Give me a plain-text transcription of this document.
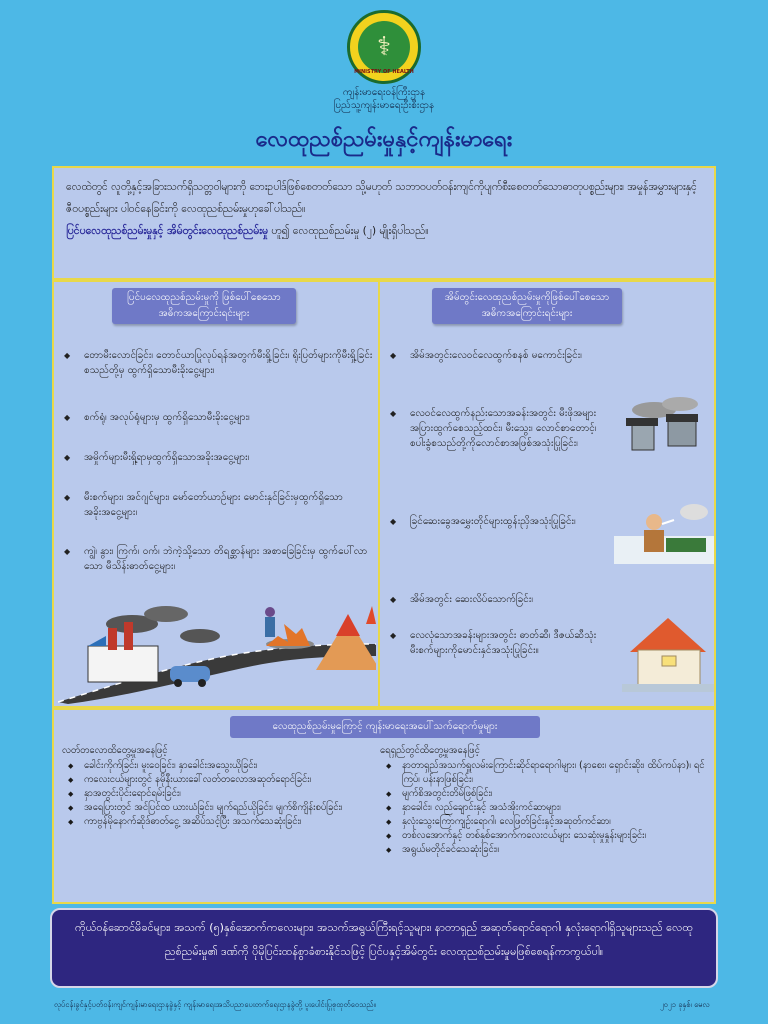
⚕
MINISTRY OF HEALTH
ကျန်းမာရေးဝန်ကြီးဌာန
ပြည်သူ့ကျန်းမာရေးဦးစီးဌာန
လေထုညစ်ညမ်းမှုနှင့်ကျန်းမာရေး
လေထဲတွင် လူတို့နှင့်အခြားသက်ရှိသတ္တဝါများကို ဘေးဥပါဒ်ဖြစ်စေတတ်သော သို့မဟုတ် သဘာဝပတ်ဝန်းကျင်ကိုပျက်စီးစေတတ်သောဓာတုပစ္စည်းများ၊ အမှုန်အမွှားများနှင့် ဇီဝပစ္စည်းများ ပါဝင်နေခြင်းကို လေထုညစ်ညမ်းမှုဟုခေါ်ပါသည်။
ပြင်ပလေထုညစ်ညမ်းမှုနှင့် အိမ်တွင်းလေထုညစ်ညမ်းမှု ဟူ၍ လေထုညစ်ညမ်းမှု (၂) မျိုးရှိပါသည်။
ပြင်ပလေထုညစ်ညမ်းမှုကို ဖြစ်ပေါ်စေသော အဓိကအကြောင်းရင်းများ
◆ တောမီးလောင်ခြင်း၊ တောင်ယာပြုလုပ်ရန်အတွက်မီးရှို့ခြင်း၊ ရိုးပြတ်များကိုမီးရှို့ခြင်းစသည်တို့မှ ထွက်ရှိသောမီးခိုးငွေ့များ၊
◆ စက်ရုံ၊ အလုပ်ရုံများမှ ထွက်ရှိသောမီးခိုးငွေ့များ၊
◆ အမှိုက်များမီးရှို့ရာမှထွက်ရှိသောအခိုးအငွေ့များ၊
◆ မီးစက်များ၊ အင်ဂျင်များ၊ မော်တော်ယာဉ်များ မောင်းနှင်ခြင်းမှထွက်ရှိသောအခိုးအငွေ့များ၊
◆ ကျွဲ၊ နွား၊ ကြက်၊ ဝက်၊ ဘဲကဲ့သို့သော တိရစ္ဆာန်များ အစာခြေခြင်းမှ ထွက်ပေါ်လာသော မီသိန်းဓာတ်ငွေ့များ၊
အိမ်တွင်းလေထုညစ်ညမ်းမှုကိုဖြစ်ပေါ်စေသော အဓိကအကြောင်းရင်းများ
◆ အိမ်အတွင်းလေဝင်လေထွက်စနစ် မကောင်းခြင်း၊
◆ လေဝင်လေထွက်နည်းသောအခန်းအတွင်း မီးဖိုအများအပြားထွက်စေသည့်ထင်း၊ မီးသွေး၊ လောင်စာတောင့်၊ စပါးခွံစသည်တို့ကိုလောင်စာအဖြစ်အသုံးပြုခြင်း၊
◆ ခြင်ဆေးခွေအမွှေးတိုင်များထွန်းညှိအသုံးပြုခြင်း၊
◆ အိမ်အတွင်း ဆေးလိပ်သောက်ခြင်း၊
◆ လေလုံသောအခန်းများအတွင်း ဓာတ်ဆီ၊ ဒီဇယ်ဆီသုံးမီးစက်များကိုမောင်းနှင်အသုံးပြုခြင်း။
လေထုညစ်ညမ်းမှုကြောင့် ကျန်းမာရေးအပေါ်သက်ရောက်မှုများ
လတ်တလောထိတွေ့မှုအနေဖြင့်
◆ ခေါင်းကိုက်ခြင်း၊ မူးဝေခြင်း၊ နှာခေါင်းအသွေးယိုခြင်း၊
◆ ကလေးငယ်များတွင် နမိုနီးယားခေါ်လတ်တလောအဆုတ်ရောင်ခြင်း၊
◆ နှာအတွင်းပိုင်းရောင်ရမ်းခြင်း၊
◆ အရေပြားတွင် အင်ပြင်ထ ယားယံခြင်း၊ မျက်ရည်ယိုခြင်း၊ မျက်စိကျိန်းစပ်ခြင်း၊
◆ ကာဗွန်မိုနောက်ဆိုဒ်ဓာတ်ငွေ့ အဆိပ်သင့်ပြီး အသက်သေဆုံးခြင်း၊
ရေရှည်တွင်ထိတွေ့မှုအနေဖြင့်
◆ နာတာရှည်အသက်ရှူလမ်းကြောင်းဆိုင်ရာရောဂါများ၊ (နာစေး၊ ရှောင်းဆိုး၊ ထိပ်ကပ်နာ)၊ ရင်ကြပ်၊ ပန်းနာဖြစ်ခြင်း၊
◆ မျက်စိအတွင်းတိမ်ဖြစ်ခြင်း၊
◆ နှာခေါင်း၊ လည်ချောင်းနှင့် အသံအိုးကင်ဆာများ၊
◆ နှလုံးသွေးကြောကျဉ်းရောဂါ၊ လေဖြတ်ခြင်းနှင့်အဆုတ်ကင်ဆာ၊
◆ တစ်လအောက်နှင့် တစ်နှစ်အောက်ကလေးငယ်များ သေဆုံးမှုနှုန်းများခြင်း၊
◆ အရွယ်မတိုင်ခင်သေဆုံးခြင်း။
ကိုယ်ဝန်ဆောင်မိခင်များ၊ အသက် (၅)နှစ်အောက်ကလေးများ၊ အသက်အရွယ်ကြီးရင့်သူများ၊ နာတာရှည် အဆုတ်ရောင်ရောဂါ၊ နှလုံးရောဂါရှိသူများသည် လေထုညစ်ညမ်းမှု၏ ဒဏ်ကို ပိုမိုပြင်းထန်စွာခံစားနိုင်သဖြင့် ပြင်ပနှင့်အိမ်တွင်း လေထုညစ်ညမ်းမှုမဖြစ်စေရန်ကာကွယ်ပါ။
လုပ်ငန်းခွင်နှင့်ပတ်ဝန်းကျင်ကျန်းမာရေးဌာနခွဲနှင့် ကျန်းမာရေးအသိပညာပေးတက်ရေးဌာနခွဲတို့ ပူးပေါင်းပြုစုထုတ်ဝေသည်။	၂၀၂၁ ခုနှစ်၊ မေလ
